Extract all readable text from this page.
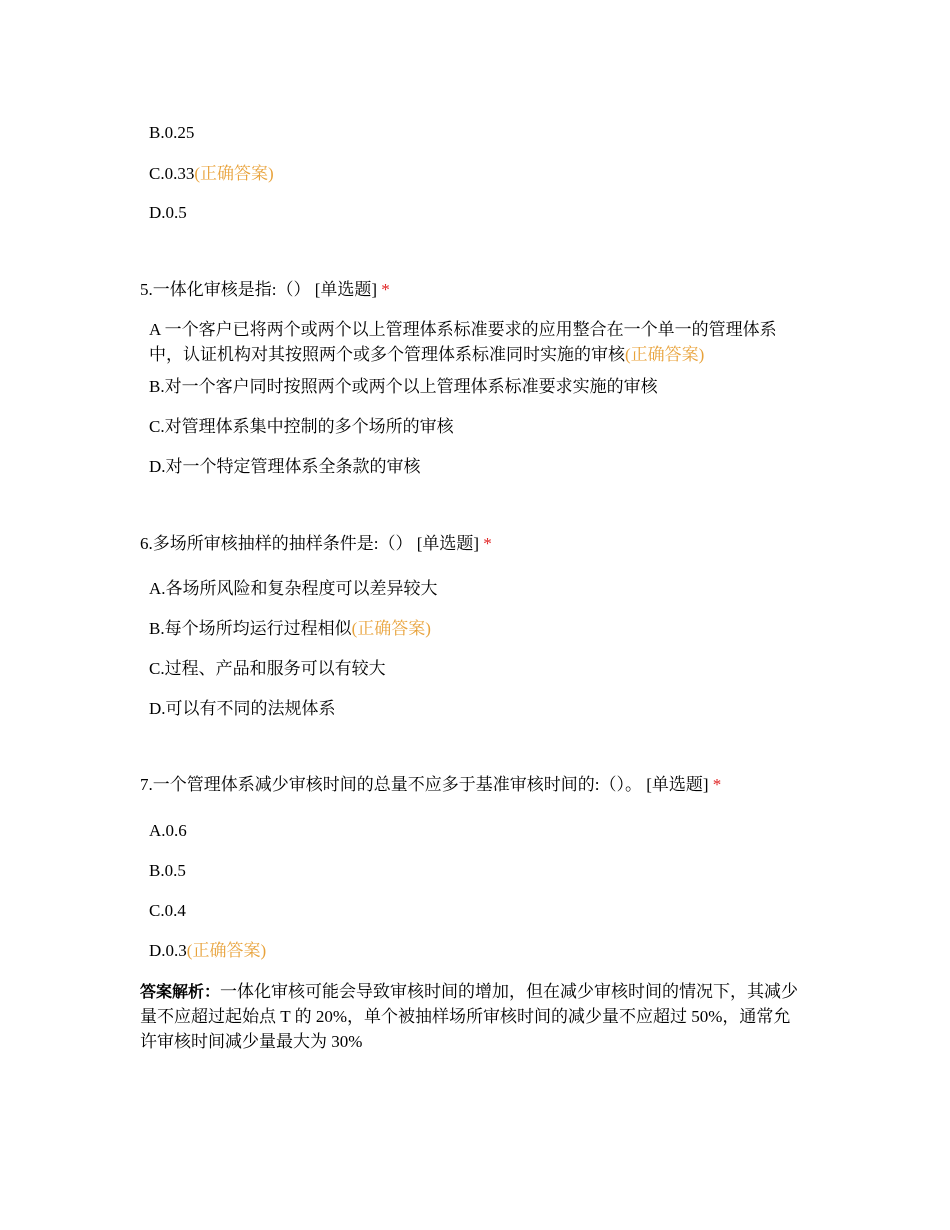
B.0.25
C.0.33(正确答案)
D.0.5
5.一体化审核是指:（） [单选题] *
A 一个客户已将两个或两个以上管理体系标准要求的应用整合在一个单一的管理体系中，认证机构对其按照两个或多个管理体系标准同时实施的审核(正确答案)
B.对一个客户同时按照两个或两个以上管理体系标准要求实施的审核
C.对管理体系集中控制的多个场所的审核
D.对一个特定管理体系全条款的审核
6.多场所审核抽样的抽样条件是:（） [单选题] *
A.各场所风险和复杂程度可以差异较大
B.每个场所均运行过程相似(正确答案)
C.过程、产品和服务可以有较大
D.可以有不同的法规体系
7.一个管理体系减少审核时间的总量不应多于基准审核时间的:（）。 [单选题] *
A.0.6
B.0.5
C.0.4
D.0.3(正确答案)
答案解析：一体化审核可能会导致审核时间的增加，但在减少审核时间的情况下，其减少量不应超过起始点 T 的 20%，单个被抽样场所审核时间的减少量不应超过 50%，通常允许审核时间减少量最大为 30%
